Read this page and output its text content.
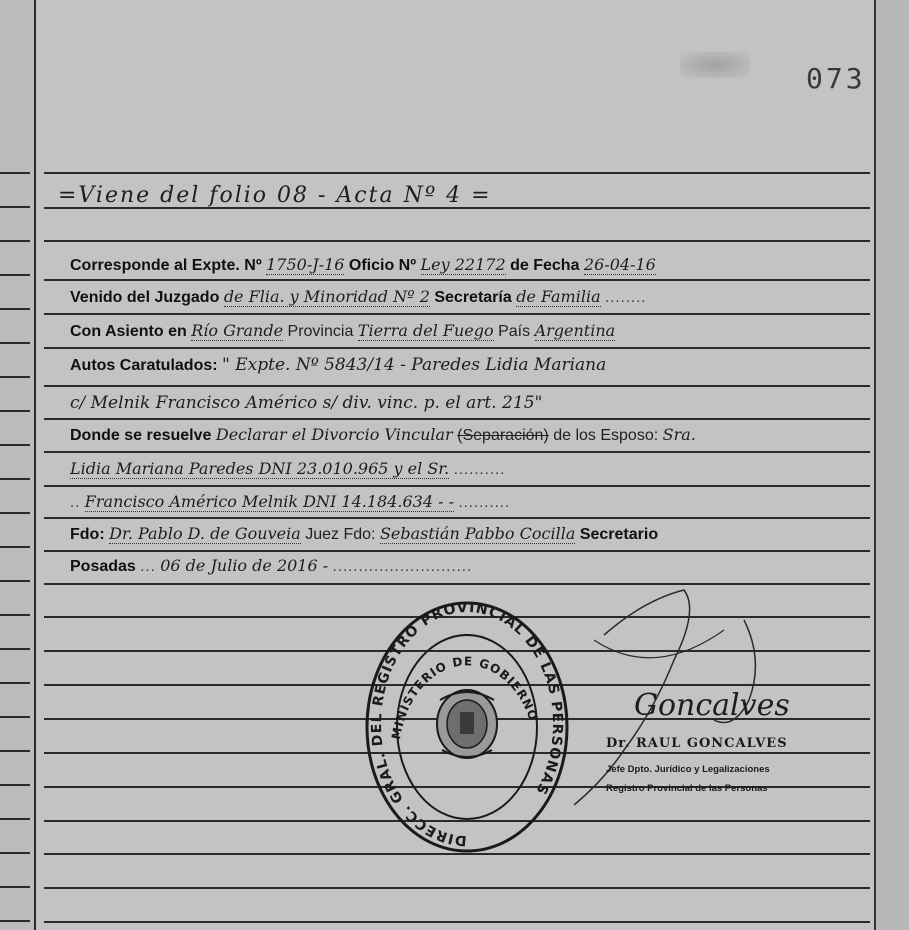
073
=Viene del folio 08 - Acta Nº 4 =
Corresponde al Expte. Nº 1750-J-16 Oficio Nº Ley 22172 de Fecha 26-04-16
Venido del Juzgado de Flia. y Minoridad Nº 2 Secretaría de Familia ........
Con Asiento en Río Grande Provincia Tierra del Fuego País Argentina
Autos Caratulados: " Expte. Nº 5843/14 - Paredes Lidia Mariana
c/ Melnik Francisco Américo s/ div. vinc. p. el art. 215"
Donde se resuelve Declarar el Divorcio Vincular (Separación) de los Esposo: Sra.
Lidia Mariana Paredes DNI 23.010.965 y el Sr. ..........
.. Francisco Américo Melnik DNI 14.184.634 - - ..........
Fdo: Dr. Pablo D. de Gouveia Juez Fdo: Sebastián Pabbo Cocilla Secretario
Posadas ... 06 de Julio de 2016 - ...........................
DIRECC. GRAL. DEL REGISTRO PROVINCIAL DE LAS PERSONAS
MINISTERIO DE GOBIERNO	Goncalves
Dr. RAUL GONCALVES
Jefe Dpto. Jurídico y Legalizaciones
Registro Provincial de las Personas
